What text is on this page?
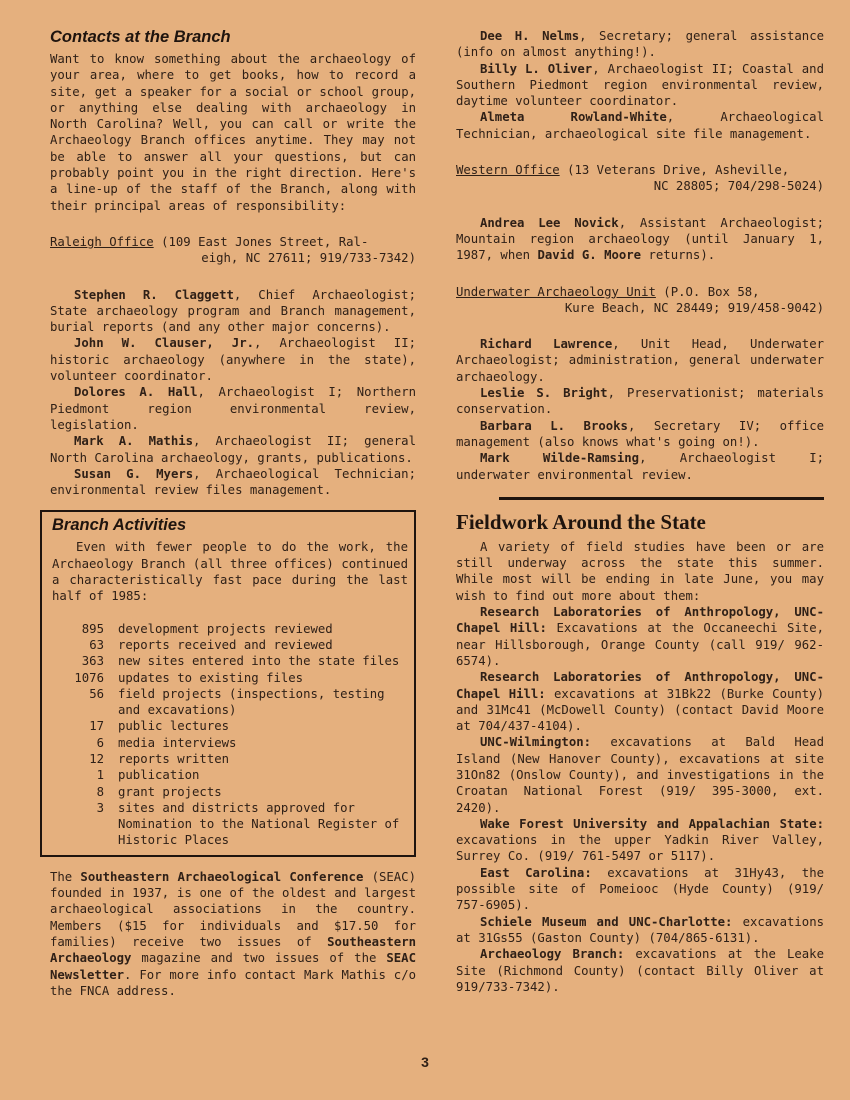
Contacts at the Branch

Want to know something about the archaeology of your area, where to get books, how to record a site, get a speaker for a social or school group, or anything else dealing with archaeology in North Carolina? Well, you can call or write the Archaeology Branch offices anytime. They may not be able to answer all your questions, but can probably point you in the right direction. Here's a line-up of the staff of the Branch, along with their principal areas of responsibility:

Raleigh Office (109 East Jones Street, Ral-
eigh, NC 27611; 919/733-7342)

Stephen R. Claggett, Chief Archaeologist; State archaeology program and Branch management, burial reports (and any other major concerns).

John W. Clauser, Jr., Archaeologist II; historic archaeology (anywhere in the state), volunteer coordinator.

Dolores A. Hall, Archaeologist I; Northern Piedmont region environmental review, legislation.

Mark A. Mathis, Archaeologist II; general North Carolina archaeology, grants, publications.

Susan G. Myers, Archaeological Technician; environmental review files management.

Branch Activities

Even with fewer people to do the work, the Archaeology Branch (all three offices) continued a characteristically fast pace during the last half of 1985:

895	development projects reviewed
63	reports received and reviewed
363	new sites entered into the state files
1076	updates to existing files
56	field projects (inspections, testing and excavations)
17	public lectures
6	media interviews
12	reports written
1	publication
8	grant projects
3	sites and districts approved for Nomination to the National Register of Historic Places

The Southeastern Archaeological Conference (SEAC) founded in 1937, is one of the oldest and largest archaeological associations in the country. Members ($15 for individuals and $17.50 for families) receive two issues of Southeastern Archaeology magazine and two issues of the SEAC Newsletter. For more info contact Mark Mathis c/o the FNCA address.

Dee H. Nelms, Secretary; general assistance (info on almost anything!).

Billy L. Oliver, Archaeologist II; Coastal and Southern Piedmont region environmental review, daytime volunteer coordinator.

Almeta Rowland-White, Archaeological Technician, archaeological site file management.

Western Office (13 Veterans Drive, Asheville,
NC 28805; 704/298-5024)

Andrea Lee Novick, Assistant Archaeologist; Mountain region archaeology (until January 1, 1987, when David G. Moore returns).

Underwater Archaeology Unit (P.O. Box 58,
Kure Beach, NC 28449; 919/458-9042)

Richard Lawrence, Unit Head, Underwater Archaeologist; administration, general underwater archaeology.

Leslie S. Bright, Preservationist; materials conservation.

Barbara L. Brooks, Secretary IV; office management (also knows what's going on!).

Mark Wilde-Ramsing, Archaeologist I; underwater environmental review.

Fieldwork Around the State

A variety of field studies have been or are still underway across the state this summer. While most will be ending in late June, you may wish to find out more about them:

Research Laboratories of Anthropology, UNC-Chapel Hill: Excavations at the Occaneechi Site, near Hillsborough, Orange County (call 919/ 962-6574).

Research Laboratories of Anthropology, UNC-Chapel Hill: excavations at 31Bk22 (Burke County) and 31Mc41 (McDowell County) (contact David Moore at 704/437-4104).

UNC-Wilmington: excavations at Bald Head Island (New Hanover County), excavations at site 31On82 (Onslow County), and investigations in the Croatan National Forest (919/ 395-3000, ext. 2420).

Wake Forest University and Appalachian State: excavations in the upper Yadkin River Valley, Surrey Co. (919/ 761-5497 or 5117).

East Carolina: excavations at 31Hy43, the possible site of Pomeiooc (Hyde County) (919/ 757-6905).

Schiele Museum and UNC-Charlotte: excavations at 31Gs55 (Gaston County) (704/865-6131).

Archaeology Branch: excavations at the Leake Site (Richmond County) (contact Billy Oliver at 919/733-7342).

3
